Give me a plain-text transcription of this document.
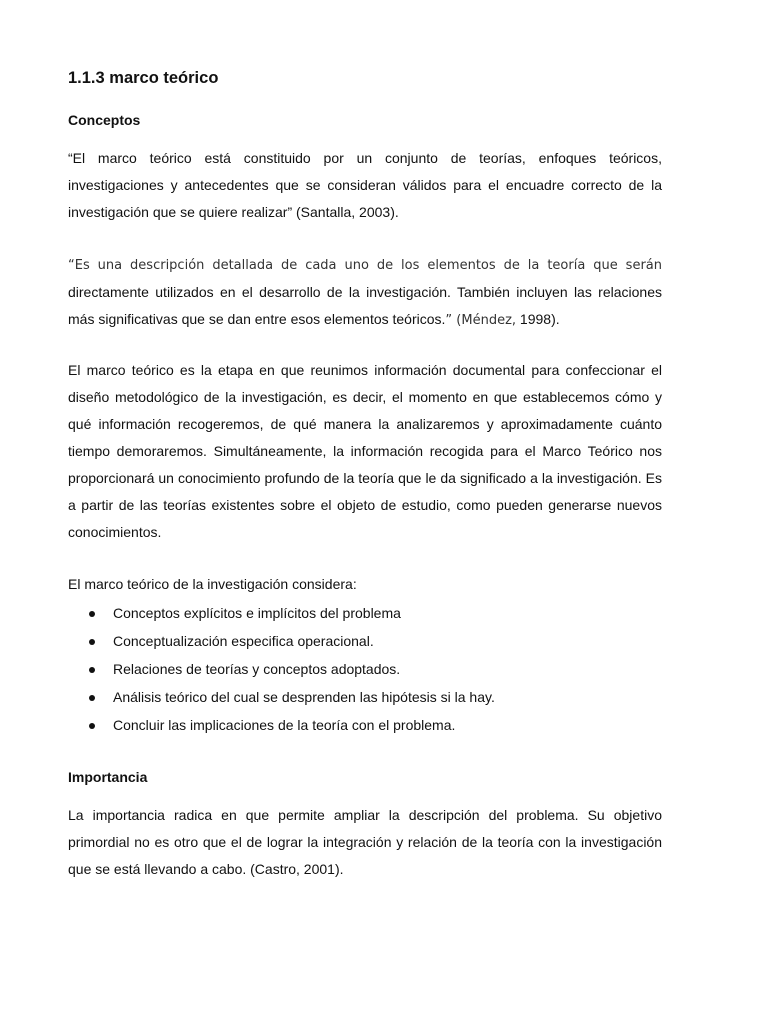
1.1.3 marco teórico
Conceptos

“El marco teórico está constituido por un conjunto de teorías, enfoques teóricos, investigaciones y antecedentes que se consideran válidos para el encuadre correcto de la investigación que se quiere realizar” (Santalla, 2003).

“Es una descripción detallada de cada uno de los elementos de la teoría que serán directamente utilizados en el desarrollo de la investigación. También incluyen las relaciones más significativas que se dan entre esos elementos teóricos.” (Méndez, 1998).

El marco teórico es la etapa en que reunimos información documental para confeccionar el diseño metodológico de la investigación, es decir, el momento en que establecemos cómo y qué información recogeremos, de qué manera la analizaremos y aproximadamente cuánto tiempo demoraremos. Simultáneamente, la información recogida para el Marco Teórico nos proporcionará un conocimiento profundo de la teoría que le da significado a la investigación. Es a partir de las teorías existentes sobre el objeto de estudio, como pueden generarse nuevos conocimientos.

El marco teórico de la investigación considera:

Conceptos explícitos e implícitos del problema
Conceptualización especifica operacional.
Relaciones de teorías y conceptos adoptados.
Análisis teórico del cual se desprenden las hipótesis si la hay.
Concluir las implicaciones de la teoría con el problema.
Importancia

La importancia radica en que permite ampliar la descripción del problema. Su objetivo primordial no es otro que el de lograr la integración y relación de la teoría con la investigación que se está llevando a cabo. (Castro, 2001).
